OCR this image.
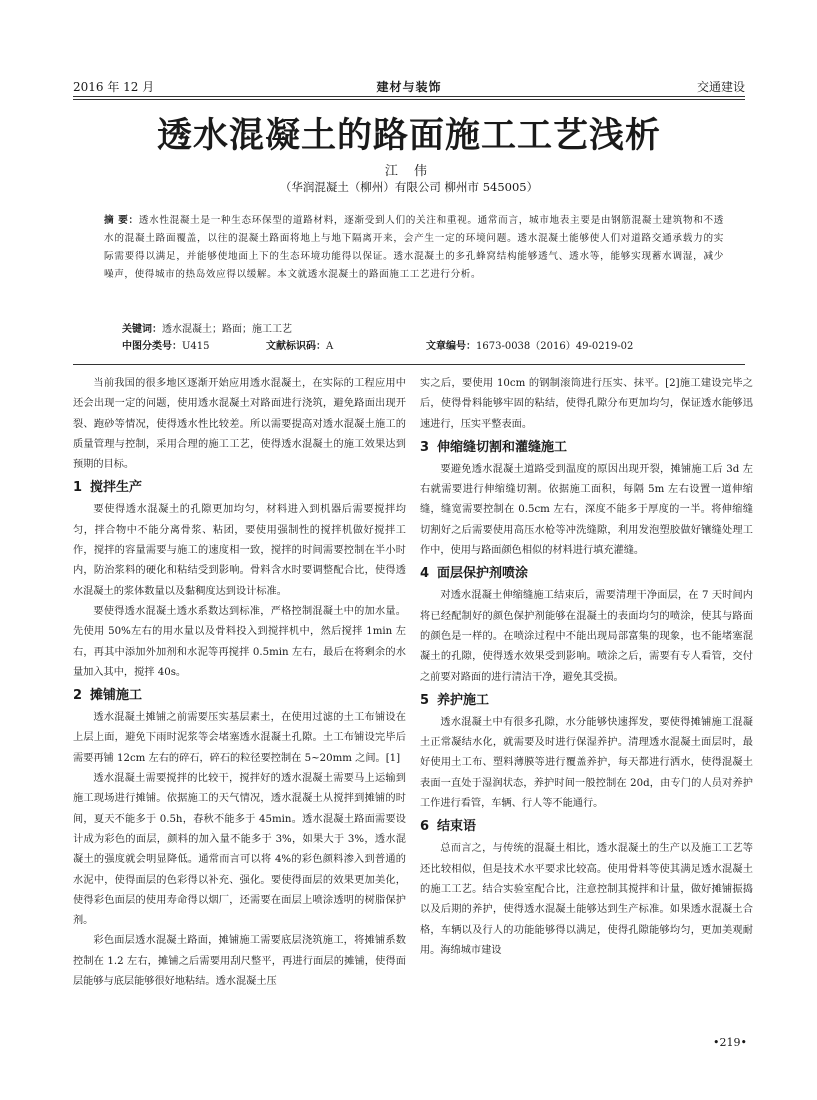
2016 年 12 月	建材与装饰	交通建设
透水混凝土的路面施工工艺浅析
江 伟
（华润混凝土（柳州）有限公司 柳州市 545005）
摘 要：透水性混凝土是一种生态环保型的道路材料，逐渐受到人们的关注和重视。通常而言，城市地表主要是由钢筋混凝土建筑物和不透水的混凝土路面覆盖，以往的混凝土路面将地上与地下隔离开来，会产生一定的环境问题。透水混凝土能够使人们对道路交通承载力的实际需要得以满足，并能够使地面上下的生态环境功能得以保证。透水混凝土的多孔蜂窝结构能够透气、透水等，能够实现蓄水调湿，减少噪声，使得城市的热岛效应得以缓解。本文就透水混凝土的路面施工工艺进行分析。
关键词：透水混凝土；路面；施工工艺
中图分类号：U415	文献标识码：A	文章编号：1673-0038（2016）49-0219-02

当前我国的很多地区逐渐开始应用透水混凝土，在实际的工程应用中还会出现一定的问题，使用透水混凝土对路面进行浇筑，避免路面出现开裂、跑砂等情况，使得透水性比较差。所以需要提高对透水混凝土施工的质量管理与控制，采用合理的施工工艺，使得透水混凝土的施工效果达到预期的目标。

1 搅拌生产

要使得透水混凝土的孔隙更加均匀，材料进入到机器后需要搅拌均匀，拌合物中不能分离骨浆、粘团，要使用强制性的搅拌机做好搅拌工作，搅拌的容量需要与施工的速度相一致，搅拌的时间需要控制在半小时内，防治浆料的硬化和粘结受到影响。骨料含水时要调整配合比，使得透水混凝土的浆体数量以及黏稠度达到设计标准。

要使得透水混凝土透水系数达到标准，严格控制混凝土中的加水量。先使用 50%左右的用水量以及骨料投入到搅拌机中，然后搅拌 1min 左右，再其中添加外加剂和水泥等再搅拌 0.5min 左右，最后在将剩余的水量加入其中，搅拌 40s。

2 摊铺施工

透水混凝土摊铺之前需要压实基层素土，在使用过滤的土工布铺设在上层上面，避免下雨时泥浆等会堵塞透水混凝土孔隙。土工布铺设完毕后需要再铺 12cm 左右的碎石，碎石的粒径要控制在 5~20mm 之间。[1]

透水混凝土需要搅拌的比较干，搅拌好的透水混凝土需要马上运输到施工现场进行摊铺。依据施工的天气情况，透水混凝土从搅拌到摊铺的时间，夏天不能多于 0.5h，春秋不能多于 45min。透水混凝土路面需要设计成为彩色的面层，颜料的加入量不能多于 3%，如果大于 3%，透水混凝土的强度就会明显降低。通常而言可以将 4%的彩色颜料渗入到普通的水泥中，使得面层的色彩得以补充、强化。要使得面层的效果更加美化，使得彩色面层的使用寿命得以烟厂，还需要在面层上喷涂透明的树脂保护剂。

彩色面层透水混凝土路面，摊铺施工需要底层浇筑施工，将摊铺系数控制在 1.2 左右，摊铺之后需要用刮尺整平，再进行面层的摊铺，使得面层能够与底层能够很好地粘结。透水混凝土压

实之后，要使用 10cm 的钢制滚筒进行压实、抹平。[2]施工建设完毕之后，使得骨料能够牢固的粘结，使得孔隙分布更加均匀，保证透水能够迅速进行，压实平整表面。

3 伸缩缝切割和灌缝施工

要避免透水混凝土道路受到温度的原因出现开裂，摊铺施工后 3d 左右就需要进行伸缩缝切割。依据施工面积，每隔 5m 左右设置一道伸缩缝，缝宽需要控制在 0.5cm 左右，深度不能多于厚度的一半。将伸缩缝切割好之后需要使用高压水枪等冲洗缝隙，利用发泡塑胶做好镶缝处理工作中，使用与路面颜色相似的材料进行填充灌缝。

4 面层保护剂喷涂

对透水混凝土伸缩缝施工结束后，需要清理干净面层，在 7 天时间内将已经配制好的颜色保护剂能够在混凝土的表面均匀的喷涂，使其与路面的颜色是一样的。在喷涂过程中不能出现局部富集的现象，也不能堵塞混凝土的孔隙，使得透水效果受到影响。喷涂之后，需要有专人看管，交付之前要对路面的进行清洁干净，避免其受损。

5 养护施工

透水混凝土中有很多孔隙，水分能够快速挥发，要使得摊铺施工混凝土正常凝结水化，就需要及时进行保湿养护。清理透水混凝土面层时，最好使用土工布、塑料薄膜等进行覆盖养护，每天都进行洒水，使得混凝土表面一直处于湿润状态，养护时间一般控制在 20d，由专门的人员对养护工作进行看管，车辆、行人等不能通行。

6 结束语

总而言之，与传统的混凝土相比，透水混凝土的生产以及施工工艺等还比较相似，但是技术水平要求比较高。使用骨料等使其满足透水混凝土的施工工艺。结合实验室配合比，注意控制其搅拌和计量，做好摊铺振捣以及后期的养护，使得透水混凝土能够达到生产标准。如果透水混凝土合格，车辆以及行人的功能能够得以满足，使得孔隙能够均匀，更加美观耐用。海绵城市建设

•219•
